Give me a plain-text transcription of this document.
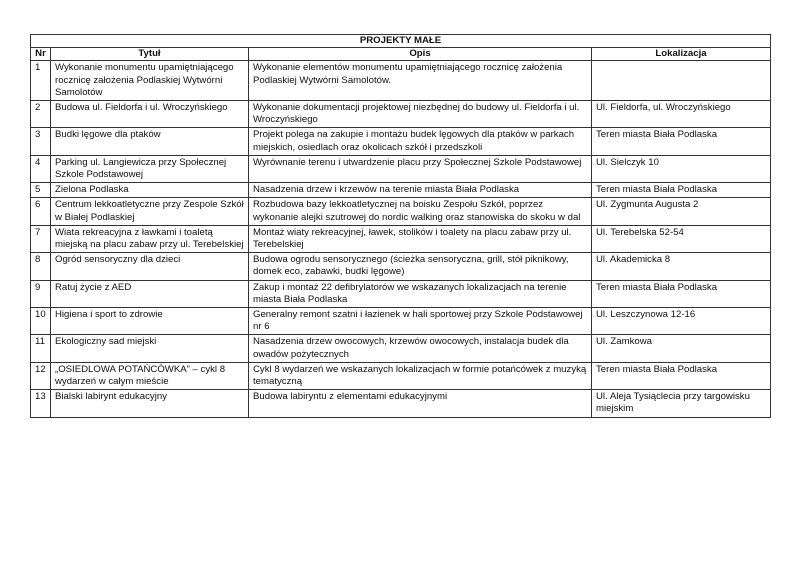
PROJEKTY MAŁE			
Nr	Tytuł	Opis	Lokalizacja
1	Wykonanie monumentu upamiętniającego rocznicę założenia Podlaskiej Wytwórni Samolotów	Wykonanie elementów monumentu upamiętniającego rocznicę założenia Podlaskiej Wytwórni Samolotów.	
2	Budowa ul. Fieldorfa i ul. Wroczyńskiego	Wykonanie dokumentacji projektowej niezbędnej do budowy ul. Fieldorfa i ul. Wroczyńskiego	Ul. Fieldorfa, ul. Wroczyńskiego
3	Budki lęgowe dla ptaków	Projekt polega na zakupie i montażu budek lęgowych dla ptaków w parkach miejskich, osiedlach oraz okolicach szkół i przedszkoli	Teren miasta Biała Podlaska
4	Parking ul. Langiewicza przy Społecznej Szkole Podstawowej	Wyrównanie terenu i utwardzenie placu przy Społecznej Szkole Podstawowej	Ul. Sielczyk 10
5	Zielona Podlaska	Nasadzenia drzew i krzewów na terenie miasta Biała Podlaska	Teren miasta Biała Podlaska
6	Centrum lekkoatletyczne przy Zespole Szkół w Białej Podlaskiej	Rozbudowa bazy lekkoatletycznej na boisku Zespołu Szkół, poprzez wykonanie alejki szutrowej do nordic walking oraz stanowiska do skoku w dal	Ul. Zygmunta Augusta 2
7	Wiata rekreacyjna z ławkami i toaletą miejską na placu zabaw przy ul. Terebelskiej	Montaż wiaty rekreacyjnej, ławek, stolików i toalety na placu zabaw przy ul. Terebelskiej	Ul. Terebelska 52-54
8	Ogród sensoryczny dla dzieci	Budowa ogrodu sensorycznego (ścieżka sensoryczna, grill, stół piknikowy, domek eco, zabawki, budki lęgowe)	Ul. Akademicka 8
9	Ratuj życie z AED	Zakup i montaż 22 defibrylatorów we wskazanych lokalizacjach na terenie miasta Biała Podlaska	Teren miasta Biała Podlaska
10	Higiena i sport to zdrowie	Generalny remont szatni i łazienek w hali sportowej przy Szkole Podstawowej nr 6	Ul. Leszczynowa 12-16
11	Ekologiczny sad miejski	Nasadzenia drzew owocowych, krzewów owocowych, instalacja budek dla owadów pożytecznych	Ul. Zamkowa
12	„OSIEDLOWA POTAŃCÓWKA” – cykl 8 wydarzeń w całym mieście	Cykl 8 wydarzeń we wskazanych lokalizacjach w formie potańcówek z muzyką tematyczną	Teren miasta Biała Podlaska
13	Bialski labirynt edukacyjny	Budowa labiryntu z elementami edukacyjnymi	Ul. Aleja Tysiąclecia przy targowisku miejskim
